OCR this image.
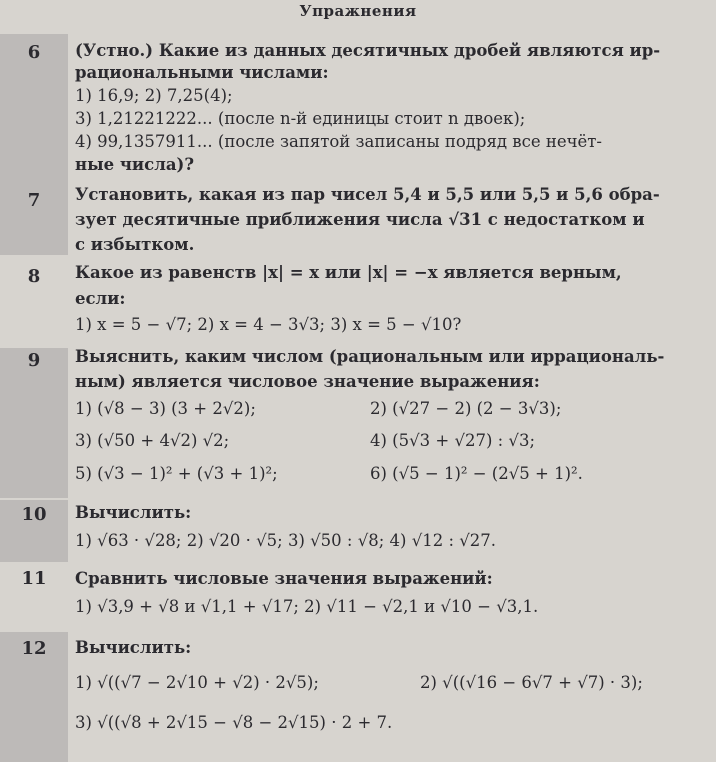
Упражнения
6	(Устно.) Какие из данных десятичных дробей являются ир-
рациональными числами:
1) 16,9; 2) 7,25(4);
3) 1,21221222... (после n-й единицы стоит n двоек);
4) 99,1357911... (после запятой записаны подряд все нечёт-
ные числа)?
7	Установить, какая из пар чисел 5,4 и 5,5 или 5,5 и 5,6 обра-
зует десятичные приближения числа √31 с недостатком и
с избытком.
8	Какое из равенств |x| = x или |x| = −x является верным,
если:
1) x = 5 − √7; 2) x = 4 − 3√3; 3) x = 5 − √10?
9	Выяснить, каким числом (рациональным или иррациональ-
ным) является числовое значение выражения:
1) (√8 − 3) (3 + 2√2);	2) (√27 − 2) (2 − 3√3);
3) (√50 + 4√2) √2;	4) (5√3 + √27) : √3;
5) (√3 − 1)² + (√3 + 1)²;	6) (√5 − 1)² − (2√5 + 1)².
10	Вычислить:
1) √63 · √28; 2) √20 · √5; 3) √50 : √8; 4) √12 : √27.
11	Сравнить числовые значения выражений:
1) √3,9 + √8 и √1,1 + √17; 2) √11 − √2,1 и √10 − √3,1.
12	Вычислить:
1) √((√7 − 2√10 + √2) · 2√5);	2) √((√16 − 6√7 + √7) · 3);
3) √((√8 + 2√15 − √8 − 2√15) · 2 + 7.
